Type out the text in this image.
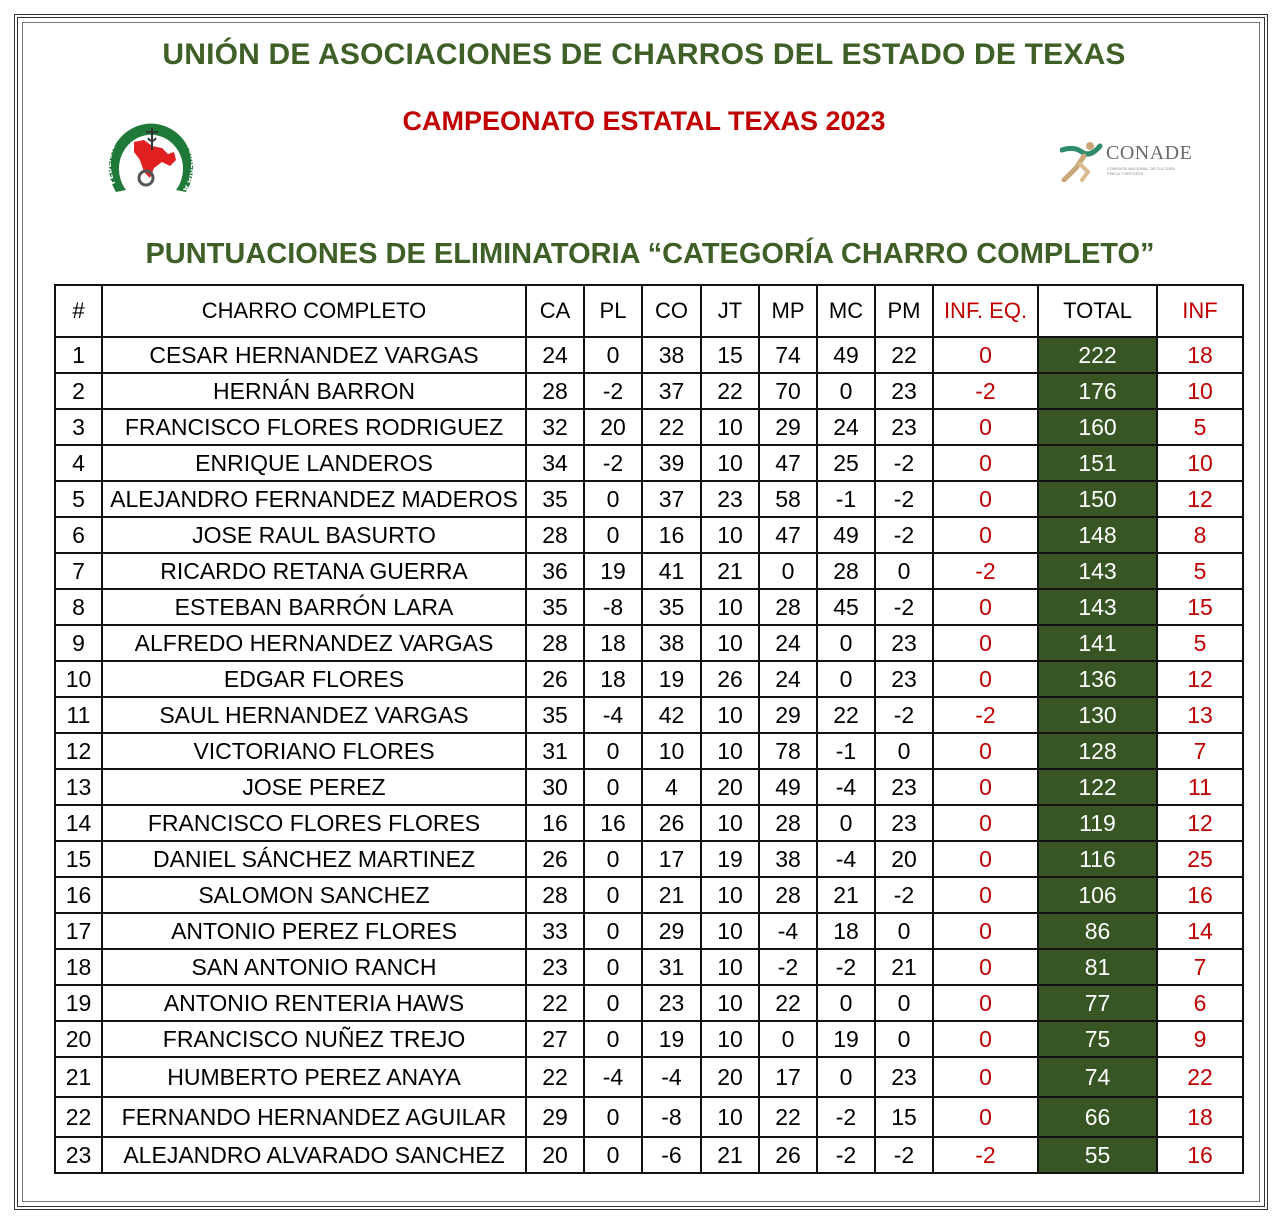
UNIÓN DE ASOCIACIONES DE CHARROS DEL ESTADO DE TEXAS
CAMPEONATO ESTATAL TEXAS 2023
FEDERACION MEXICANA DE CHARRERIA A
CONADE
COMISIÓN NACIONAL DE CULTURA FÍSICA Y DEPORTE
PUNTUACIONES DE ELIMINATORIA “CATEGORÍA CHARRO COMPLETO”
#	CHARRO COMPLETO	CA	PL	CO	JT	MP	MC	PM	INF. EQ.	TOTAL	INF
1	CESAR HERNANDEZ VARGAS	24	0	38	15	74	49	22	0	222	18
2	HERNÁN BARRON	28	-2	37	22	70	0	23	-2	176	10
3	FRANCISCO FLORES RODRIGUEZ	32	20	22	10	29	24	23	0	160	5
4	ENRIQUE LANDEROS	34	-2	39	10	47	25	-2	0	151	10
5	ALEJANDRO FERNANDEZ MADEROS	35	0	37	23	58	-1	-2	0	150	12
6	JOSE RAUL BASURTO	28	0	16	10	47	49	-2	0	148	8
7	RICARDO RETANA GUERRA	36	19	41	21	0	28	0	-2	143	5
8	ESTEBAN BARRÓN LARA	35	-8	35	10	28	45	-2	0	143	15
9	ALFREDO HERNANDEZ VARGAS	28	18	38	10	24	0	23	0	141	5
10	EDGAR FLORES	26	18	19	26	24	0	23	0	136	12
11	SAUL HERNANDEZ VARGAS	35	-4	42	10	29	22	-2	-2	130	13
12	VICTORIANO FLORES	31	0	10	10	78	-1	0	0	128	7
13	JOSE PEREZ	30	0	4	20	49	-4	23	0	122	11
14	FRANCISCO FLORES FLORES	16	16	26	10	28	0	23	0	119	12
15	DANIEL SÁNCHEZ MARTINEZ	26	0	17	19	38	-4	20	0	116	25
16	SALOMON SANCHEZ	28	0	21	10	28	21	-2	0	106	16
17	ANTONIO PEREZ FLORES	33	0	29	10	-4	18	0	0	86	14
18	SAN ANTONIO RANCH	23	0	31	10	-2	-2	21	0	81	7
19	ANTONIO RENTERIA HAWS	22	0	23	10	22	0	0	0	77	6
20	FRANCISCO NUÑEZ TREJO	27	0	19	10	0	19	0	0	75	9
21	HUMBERTO PEREZ ANAYA	22	-4	-4	20	17	0	23	0	74	22
22	FERNANDO HERNANDEZ AGUILAR	29	0	-8	10	22	-2	15	0	66	18
23	ALEJANDRO ALVARADO SANCHEZ	20	0	-6	21	26	-2	-2	-2	55	16
